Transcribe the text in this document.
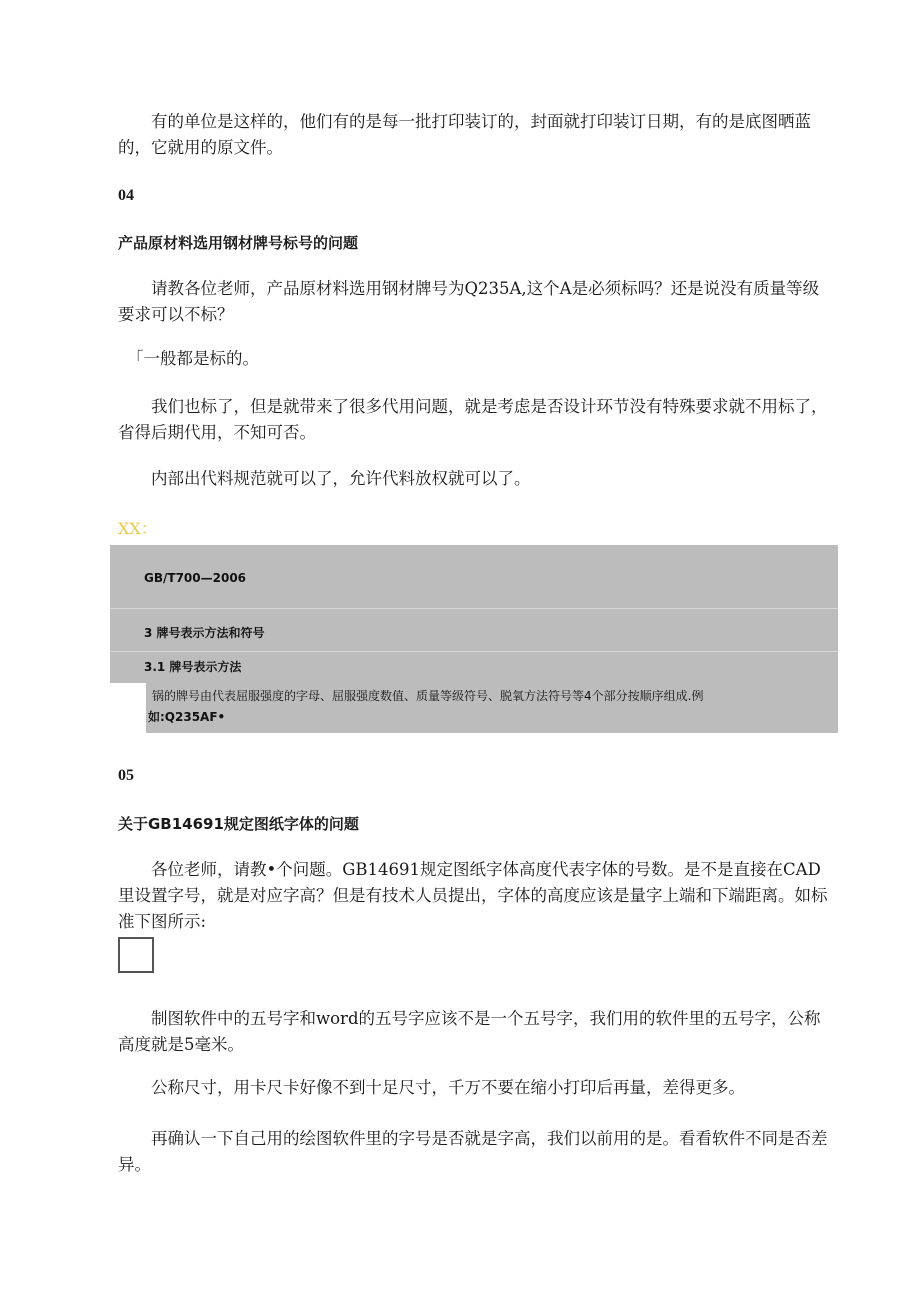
有的单位是这样的，他们有的是每一批打印装订的，封面就打印装订日期，有的是底图晒蓝的，它就用的原文件。

04

产品原材料选用钢材牌号标号的问题

请教各位老师，产品原材料选用钢材牌号为Q235A,这个A是必须标吗？还是说没有质量等级要求可以不标？

「一般都是标的。

我们也标了，但是就带来了很多代用问题，就是考虑是否设计环节没有特殊要求就不用标了，省得后期代用，不知可否。

内部出代料规范就可以了，允许代料放权就可以了。

XX：

GB/T700—2006

3 牌号表示方法和符号

3.1 牌号表示方法

锅的牌号由代表屈服强度的字母、屈服强度数值、质量等级符号、脱氧方法符号等4个部分按顺序组成.例

如:Q235AF•

05

关于GB14691规定图纸字体的问题

各位老师，请教•个问题。GB14691规定图纸字体高度代表字体的号数。是不是直接在CAD里设置字号，就是对应字高？但是有技术人员提出，字体的高度应该是量字上端和下端距离。如标准下图所示:

制图软件中的五号字和word的五号字应该不是一个五号字，我们用的软件里的五号字，公称高度就是5毫米。

公称尺寸，用卡尺卡好像不到十足尺寸，千万不要在缩小打印后再量，差得更多。

再确认一下自己用的绘图软件里的字号是否就是字高，我们以前用的是。看看软件不同是否差异。
